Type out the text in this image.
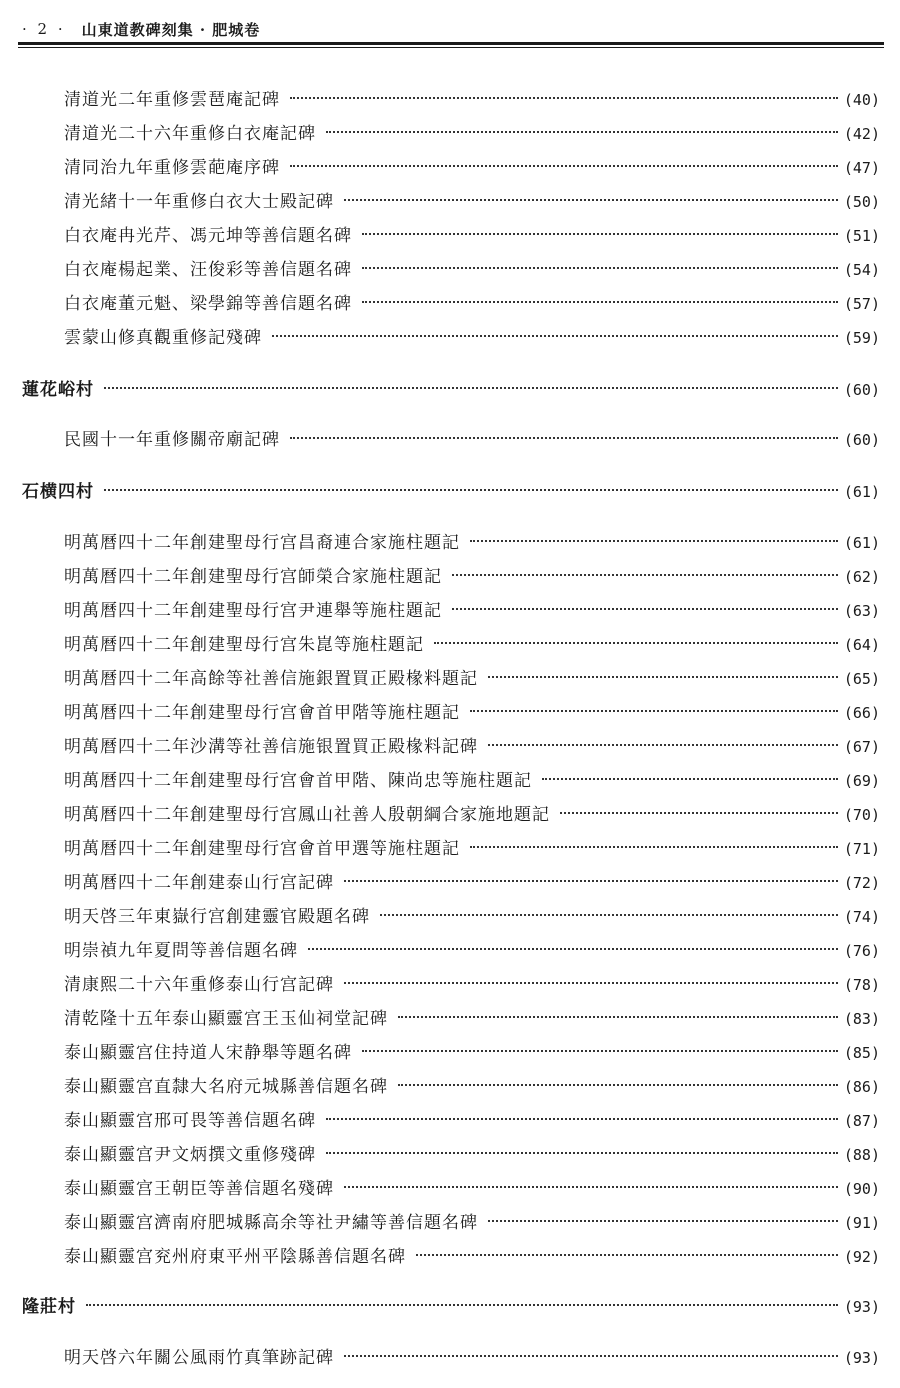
· 2 · 山東道教碑刻集 · 肥城卷
清道光二年重修雲琶庵記碑	(40)
清道光二十六年重修白衣庵記碑	(42)
清同治九年重修雲葩庵序碑	(47)
清光緒十一年重修白衣大士殿記碑	(50)
白衣庵冉光芹、馮元坤等善信題名碑	(51)
白衣庵楊起業、汪俊彩等善信題名碑	(54)
白衣庵董元魁、梁學錦等善信題名碑	(57)
雲蒙山修真觀重修記殘碑	(59)
蓮花峪村	(60)
民國十一年重修關帝廟記碑	(60)
石横四村	(61)
明萬曆四十二年創建聖母行宫昌裔連合家施柱題記	(61)
明萬曆四十二年創建聖母行宫師榮合家施柱題記	(62)
明萬曆四十二年創建聖母行宫尹連舉等施柱題記	(63)
明萬曆四十二年創建聖母行宫朱崑等施柱題記	(64)
明萬曆四十二年高餘等社善信施銀置買正殿椽料題記	(65)
明萬曆四十二年創建聖母行宫會首甲階等施柱題記	(66)
明萬曆四十二年沙溝等社善信施银置買正殿椽料記碑	(67)
明萬曆四十二年創建聖母行宫會首甲階、陳尚忠等施柱題記	(69)
明萬曆四十二年創建聖母行宫鳳山社善人殷朝綱合家施地題記	(70)
明萬曆四十二年創建聖母行宫會首甲選等施柱題記	(71)
明萬曆四十二年創建泰山行宫記碑	(72)
明天啓三年東嶽行宫創建靈官殿題名碑	(74)
明崇禎九年夏問等善信題名碑	(76)
清康熙二十六年重修泰山行宫記碑	(78)
清乾隆十五年泰山顯靈宫王玉仙祠堂記碑	(83)
泰山顯靈宫住持道人宋静舉等題名碑	(85)
泰山顯靈宫直隸大名府元城縣善信題名碑	(86)
泰山顯靈宫邢可畏等善信題名碑	(87)
泰山顯靈宫尹文炳撰文重修殘碑	(88)
泰山顯靈宫王朝臣等善信題名殘碑	(90)
泰山顯靈宫濟南府肥城縣高余等社尹繡等善信題名碑	(91)
泰山顯靈宫兖州府東平州平陰縣善信題名碑	(92)
隆莊村	(93)
明天啓六年關公風雨竹真筆跡記碑	(93)
